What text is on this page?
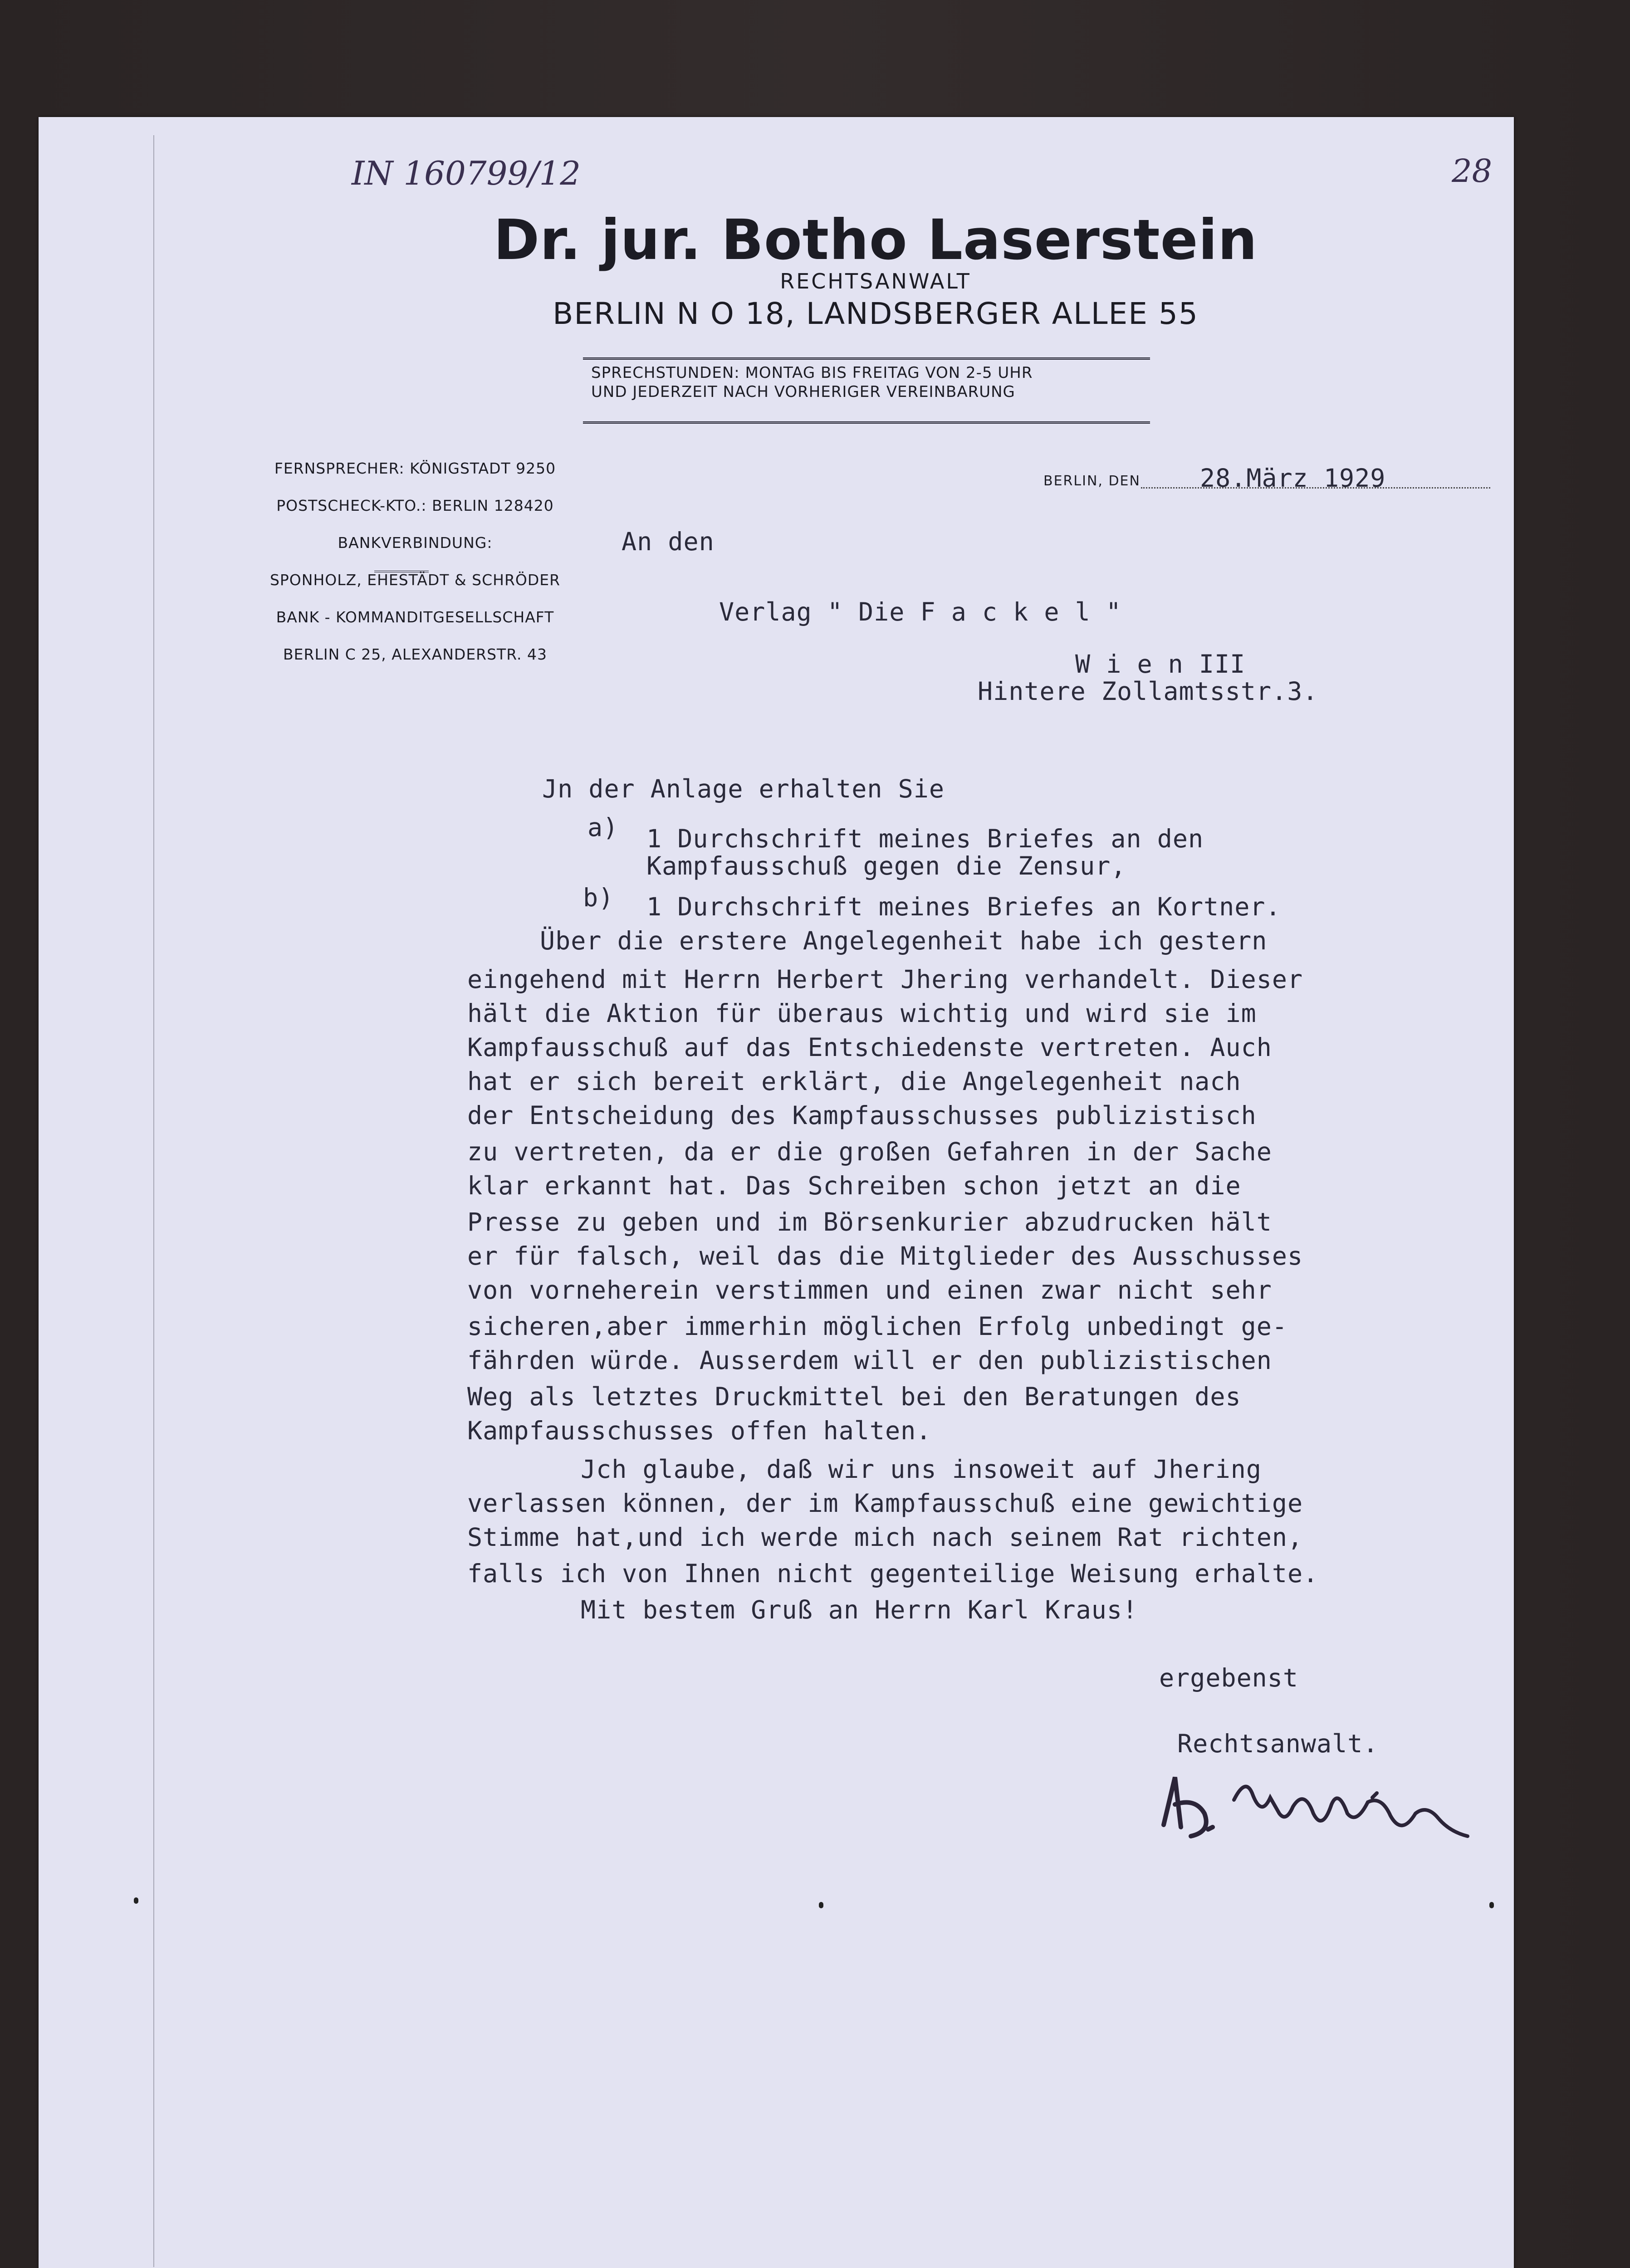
IN 160799/12	28
Dr. jur. Botho Laserstein
RECHTSANWALT
BERLIN N O 18, LANDSBERGER ALLEE 55
SPRECHSTUNDEN: MONTAG BIS FREITAG VON 2-5 UHR
UND JEDERZEIT NACH VORHERIGER VEREINBARUNG

FERNSPRECHER: KÖNIGSTADT 9250

POSTSCHECK-KTO.: BERLIN 128420

BANKVERBINDUNG:

SPONHOLZ, EHESTÄDT & SCHRÖDER

BANK - KOMMANDITGESELLSCHAFT

BERLIN C 25, ALEXANDERSTR. 43

BERLIN, DEN 28.März 1929
An den
Verlag " Die F a c k e l "
W i e n III
Hintere Zollamtsstr.3.
Jn der Anlage erhalten Sie
a) 1 Durchschrift meines Briefes an den
Kampfausschuß gegen die Zensur,
b) 1 Durchschrift meines Briefes an Kortner.
Über die erstere Angelegenheit habe ich gestern
eingehend mit Herrn Herbert Jhering verhandelt. Dieser
hält die Aktion für überaus wichtig und wird sie im
Kampfausschuß auf das Entschiedenste vertreten. Auch
hat er sich bereit erklärt, die Angelegenheit nach
der Entscheidung des Kampfausschusses publizistisch
zu vertreten, da er die großen Gefahren in der Sache
klar erkannt hat. Das Schreiben schon jetzt an die
Presse zu geben und im Börsenkurier abzudrucken hält
er für falsch, weil das die Mitglieder des Ausschusses
von vorneherein verstimmen und einen zwar nicht sehr
sicheren,aber immerhin möglichen Erfolg unbedingt ge-
fährden würde. Ausserdem will er den publizistischen
Weg als letztes Druckmittel bei den Beratungen des
Kampfausschusses offen halten.
Jch glaube, daß wir uns insoweit auf Jhering
verlassen können, der im Kampfausschuß eine gewichtige
Stimme hat,und ich werde mich nach seinem Rat richten,
falls ich von Ihnen nicht gegenteilige Weisung erhalte.
Mit bestem Gruß an Herrn Karl Kraus!
ergebenst
Rechtsanwalt.
